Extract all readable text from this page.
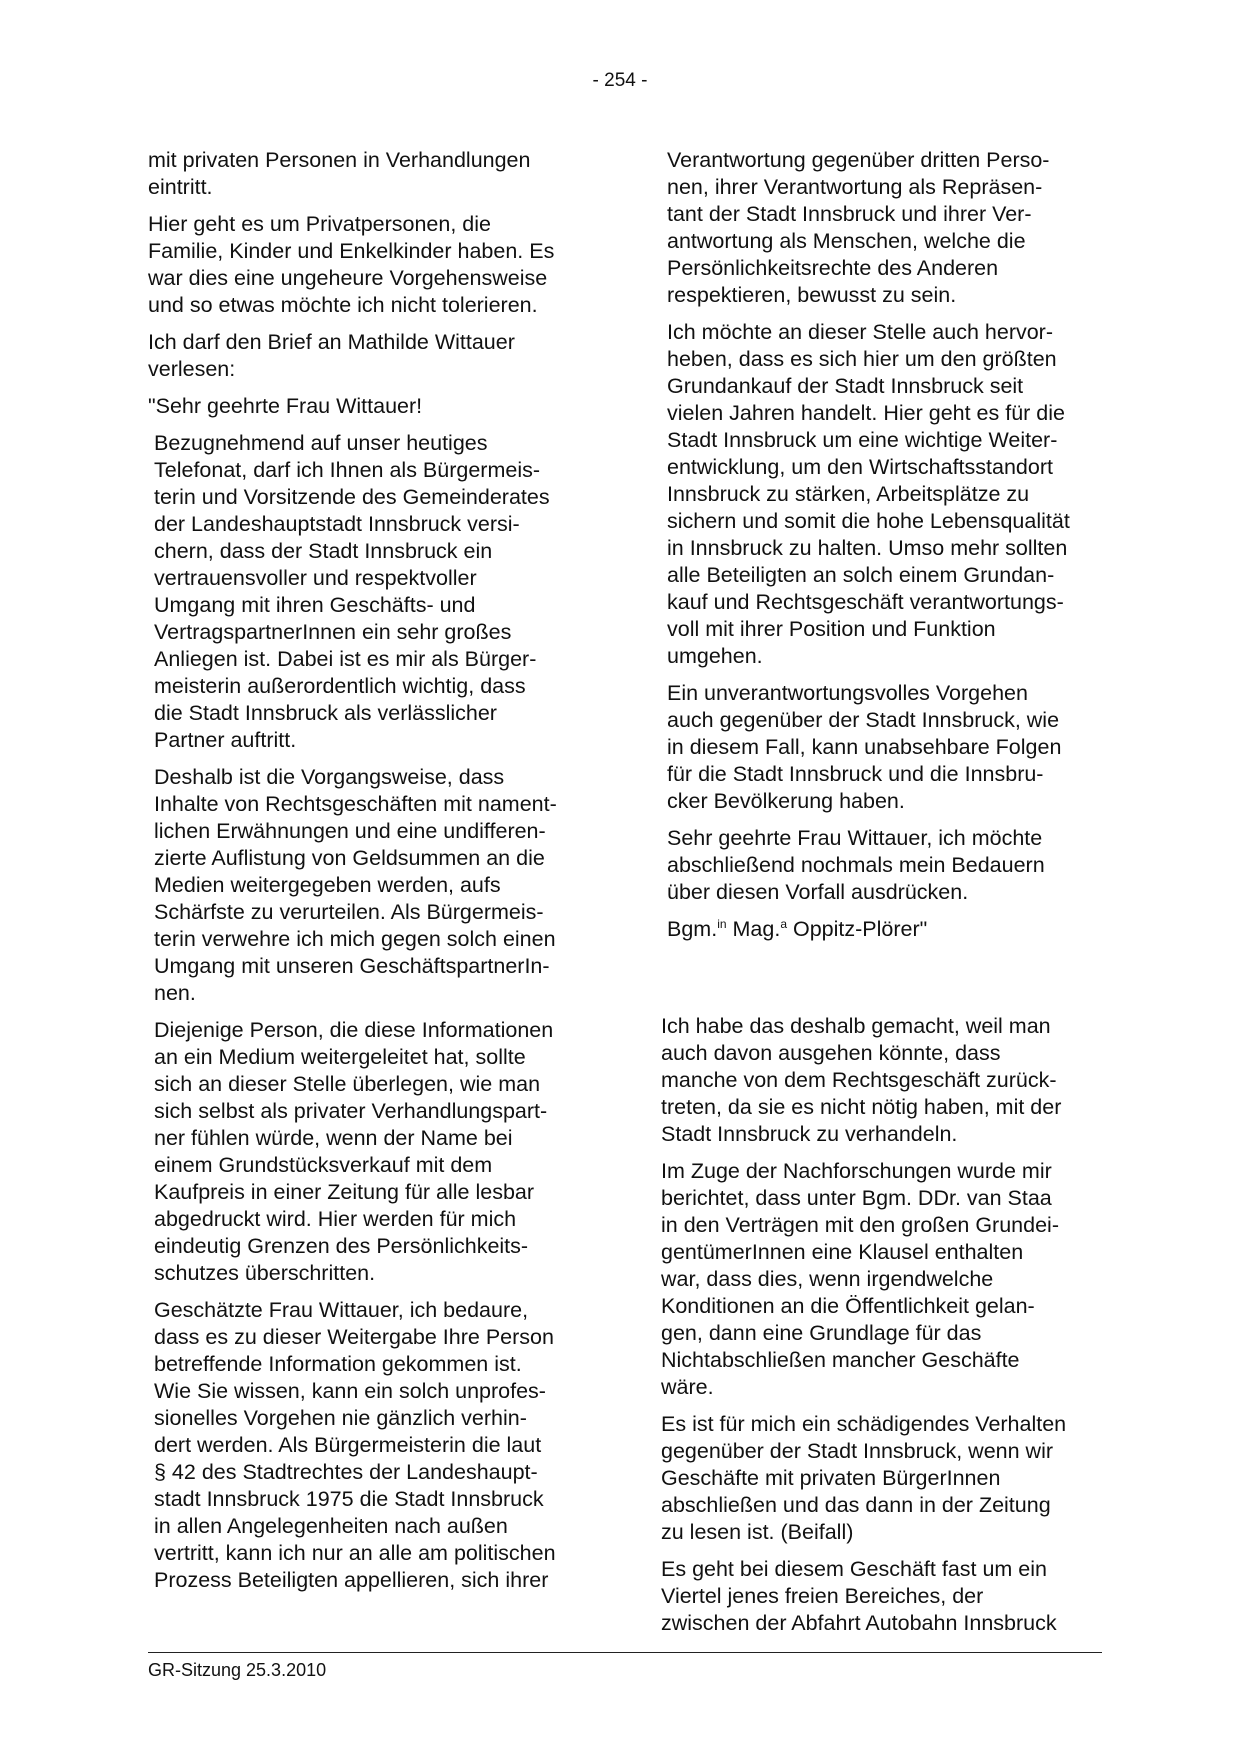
- 254 -

mit privaten Personen in Verhandlungen
eintritt.

Hier geht es um Privatpersonen, die
Familie, Kinder und Enkelkinder haben. Es
war dies eine ungeheure Vorgehensweise
und so etwas möchte ich nicht tolerieren.

Ich darf den Brief an Mathilde Wittauer
verlesen:

"Sehr geehrte Frau Wittauer!

Bezugnehmend auf unser heutiges
Telefonat, darf ich Ihnen als Bürgermeis-
terin und Vorsitzende des Gemeinderates
der Landeshauptstadt Innsbruck versi-
chern, dass der Stadt Innsbruck ein
vertrauensvoller und respektvoller
Umgang mit ihren Geschäfts- und
VertragspartnerInnen ein sehr großes
Anliegen ist. Dabei ist es mir als Bürger-
meisterin außerordentlich wichtig, dass
die Stadt Innsbruck als verlässlicher
Partner auftritt.

Deshalb ist die Vorgangsweise, dass
Inhalte von Rechtsgeschäften mit nament-
lichen Erwähnungen und eine undifferen-
zierte Auflistung von Geldsummen an die
Medien weitergegeben werden, aufs
Schärfste zu verurteilen. Als Bürgermeis-
terin verwehre ich mich gegen solch einen
Umgang mit unseren GeschäftspartnerIn-
nen.

Diejenige Person, die diese Informationen
an ein Medium weitergeleitet hat, sollte
sich an dieser Stelle überlegen, wie man
sich selbst als privater Verhandlungspart-
ner fühlen würde, wenn der Name bei
einem Grundstücksverkauf mit dem
Kaufpreis in einer Zeitung für alle lesbar
abgedruckt wird. Hier werden für mich
eindeutig Grenzen des Persönlichkeits-
schutzes überschritten.

Geschätzte Frau Wittauer, ich bedaure,
dass es zu dieser Weitergabe Ihre Person
betreffende Information gekommen ist.
Wie Sie wissen, kann ein solch unprofes-
sionelles Vorgehen nie gänzlich verhin-
dert werden. Als Bürgermeisterin die laut
§ 42 des Stadtrechtes der Landeshaupt-
stadt Innsbruck 1975 die Stadt Innsbruck
in allen Angelegenheiten nach außen
vertritt, kann ich nur an alle am politischen
Prozess Beteiligten appellieren, sich ihrer

Verantwortung gegenüber dritten Perso-
nen, ihrer Verantwortung als Repräsen-
tant der Stadt Innsbruck und ihrer Ver-
antwortung als Menschen, welche die
Persönlichkeitsrechte des Anderen
respektieren, bewusst zu sein.

Ich möchte an dieser Stelle auch hervor-
heben, dass es sich hier um den größten
Grundankauf der Stadt Innsbruck seit
vielen Jahren handelt. Hier geht es für die
Stadt Innsbruck um eine wichtige Weiter-
entwicklung, um den Wirtschaftsstandort
Innsbruck zu stärken, Arbeitsplätze zu
sichern und somit die hohe Lebensqualität
in Innsbruck zu halten. Umso mehr sollten
alle Beteiligten an solch einem Grundan-
kauf und Rechtsgeschäft verantwortungs-
voll mit ihrer Position und Funktion
umgehen.

Ein unverantwortungsvolles Vorgehen
auch gegenüber der Stadt Innsbruck, wie
in diesem Fall, kann unabsehbare Folgen
für die Stadt Innsbruck und die Innsbru-
cker Bevölkerung haben.

Sehr geehrte Frau Wittauer, ich möchte
abschließend nochmals mein Bedauern
über diesen Vorfall ausdrücken.

Bgm.$^{in}$ Mag.$^a$ Oppitz-Plörer"

Ich habe das deshalb gemacht, weil man
auch davon ausgehen könnte, dass
manche von dem Rechtsgeschäft zurück-
treten, da sie es nicht nötig haben, mit der
Stadt Innsbruck zu verhandeln.

Im Zuge der Nachforschungen wurde mir
berichtet, dass unter Bgm. DDr. van Staa
in den Verträgen mit den großen Grundei-
gentümerInnen eine Klausel enthalten
war, dass dies, wenn irgendwelche
Konditionen an die Öffentlichkeit gelan-
gen, dann eine Grundlage für das
Nichtabschließen mancher Geschäfte
wäre.

Es ist für mich ein schädigendes Verhalten
gegenüber der Stadt Innsbruck, wenn wir
Geschäfte mit privaten BürgerInnen
abschließen und das dann in der Zeitung
zu lesen ist. (Beifall)

Es geht bei diesem Geschäft fast um ein
Viertel jenes freien Bereiches, der
zwischen der Abfahrt Autobahn Innsbruck

GR-Sitzung 25.3.2010
